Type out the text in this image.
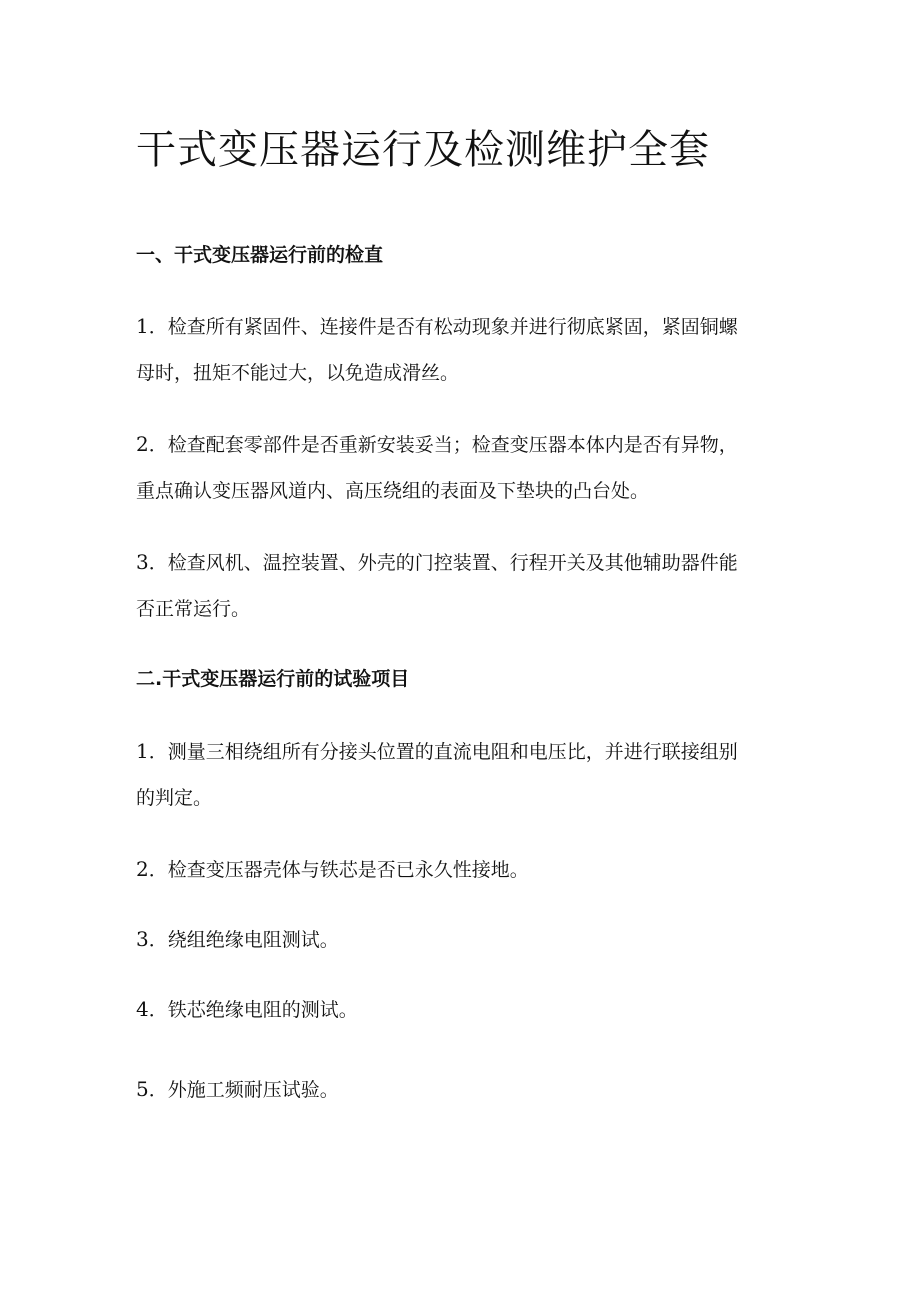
干式变压器运行及检测维护全套
一、干式变压器运行前的检直
1．检查所有紧固件、连接件是否有松动现象并进行彻底紧固，紧固铜螺
母时，扭矩不能过大，以免造成滑丝。
2．检查配套零部件是否重新安装妥当；检查变压器本体内是否有异物，
重点确认变压器风道内、高压绕组的表面及下垫块的凸台处。
3．检查风机、温控装置、外壳的门控装置、行程开关及其他辅助器件能
否正常运行。
二.干式变压器运行前的试验项目
1．测量三相绕组所有分接头位置的直流电阻和电压比，并进行联接组别
的判定。
2．检查变压器壳体与铁芯是否已永久性接地。
3．绕组绝缘电阻测试。
4．铁芯绝缘电阻的测试。
5．外施工频耐压试验。
